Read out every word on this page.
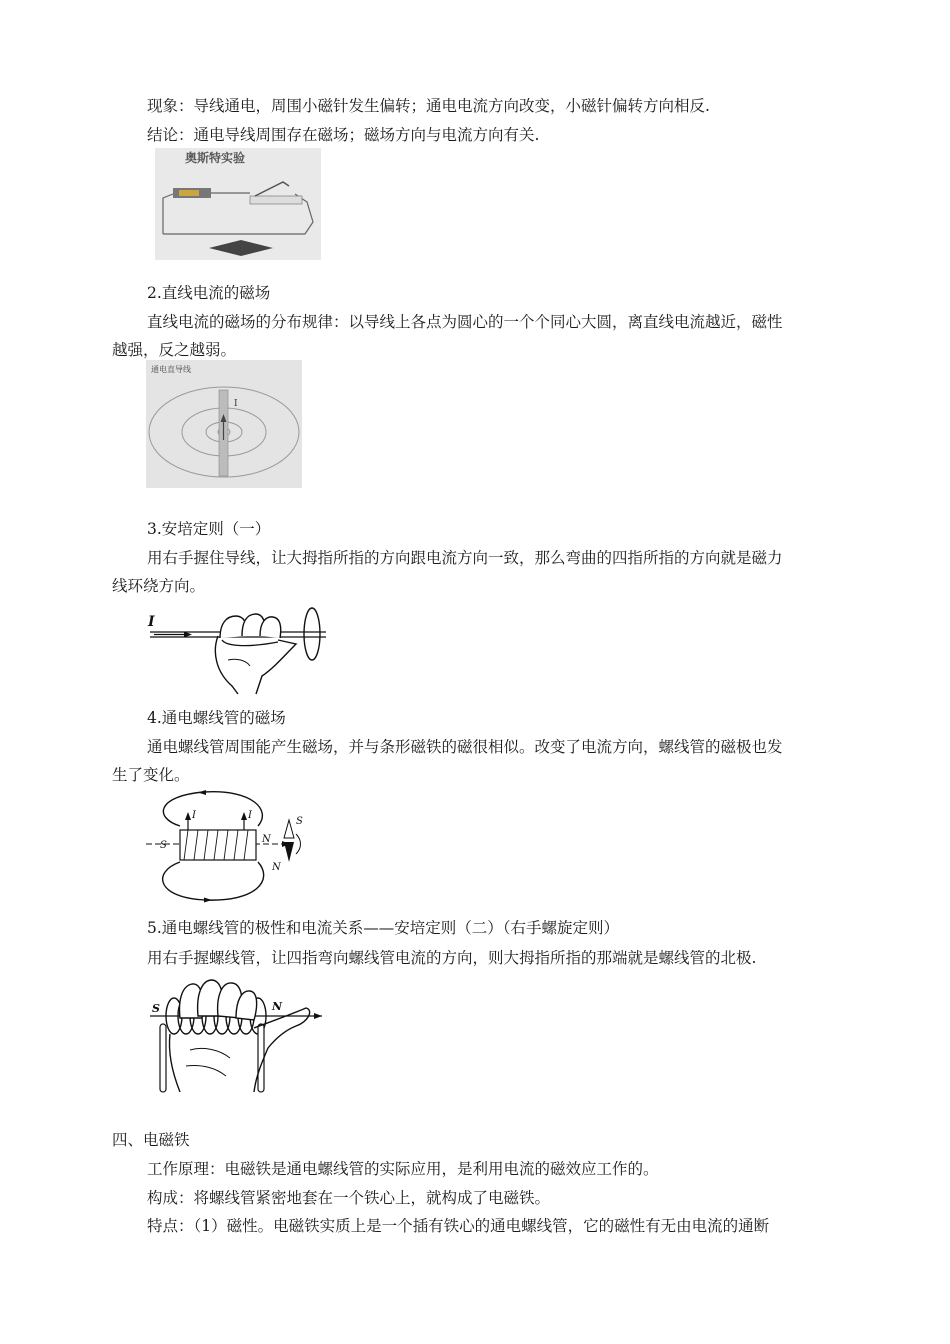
现象：导线通电，周围小磁针发生偏转；通电电流方向改变，小磁针偏转方向相反.
结论：通电导线周围存在磁场；磁场方向与电流方向有关.
奥斯特实验
2.直线电流的磁场
直线电流的磁场的分布规律：以导线上各点为圆心的一个个同心大圆，离直线电流越近，磁性
越强，反之越弱。
通电直导线
I
3.安培定则（一）
用右手握住导线，让大拇指所指的方向跟电流方向一致，那么弯曲的四指所指的方向就是磁力
线环绕方向。
I
4.通电螺线管的磁场
通电螺线管周围能产生磁场，并与条形磁铁的磁很相似。改变了电流方向，螺线管的磁极也发
生了变化。
I	I
S
N
S
N
5.通电螺线管的极性和电流关系——安培定则（二）（右手螺旋定则）
用右手握螺线管，让四指弯向螺线管电流的方向，则大拇指所指的那端就是螺线管的北极.
S	N
四、电磁铁
工作原理：电磁铁是通电螺线管的实际应用，是利用电流的磁效应工作的。
构成：将螺线管紧密地套在一个铁心上，就构成了电磁铁。
特点：（1）磁性。电磁铁实质上是一个插有铁心的通电螺线管，它的磁性有无由电流的通断
